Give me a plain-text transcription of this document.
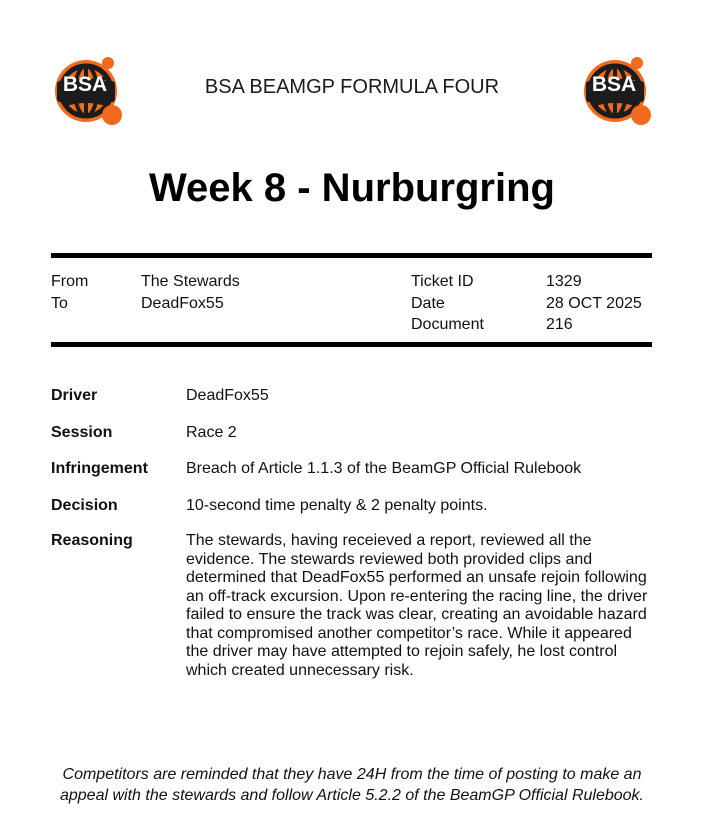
BSA	BSA BEAMGP FORMULA FOUR	BSA
Week 8 - Nurburgring
From	The Stewards
To	DeadFox55
Ticket ID	1329
Date	28 OCT 2025
Document	216
Driver	DeadFox55
Session	Race 2
Infringement Breach of Article 1.1.3 of the BeamGP Official Rulebook
Decision	10-second time penalty & 2 penalty points.
Reasoning	The stewards, having receieved a report, reviewed all the evidence. The stewards reviewed both provided clips and determined that DeadFox55 performed an unsafe rejoin following an off-track excursion. Upon re-entering the racing line, the driver failed to ensure the track was clear, creating an avoidable hazard that compromised another competitor’s race. While it appeared the driver may have attempted to rejoin safely, he lost control which created unnecessary risk.
Competitors are reminded that they have 24H from the time of posting to make an
appeal with the stewards and follow Article 5.2.2 of the BeamGP Official Rulebook.
